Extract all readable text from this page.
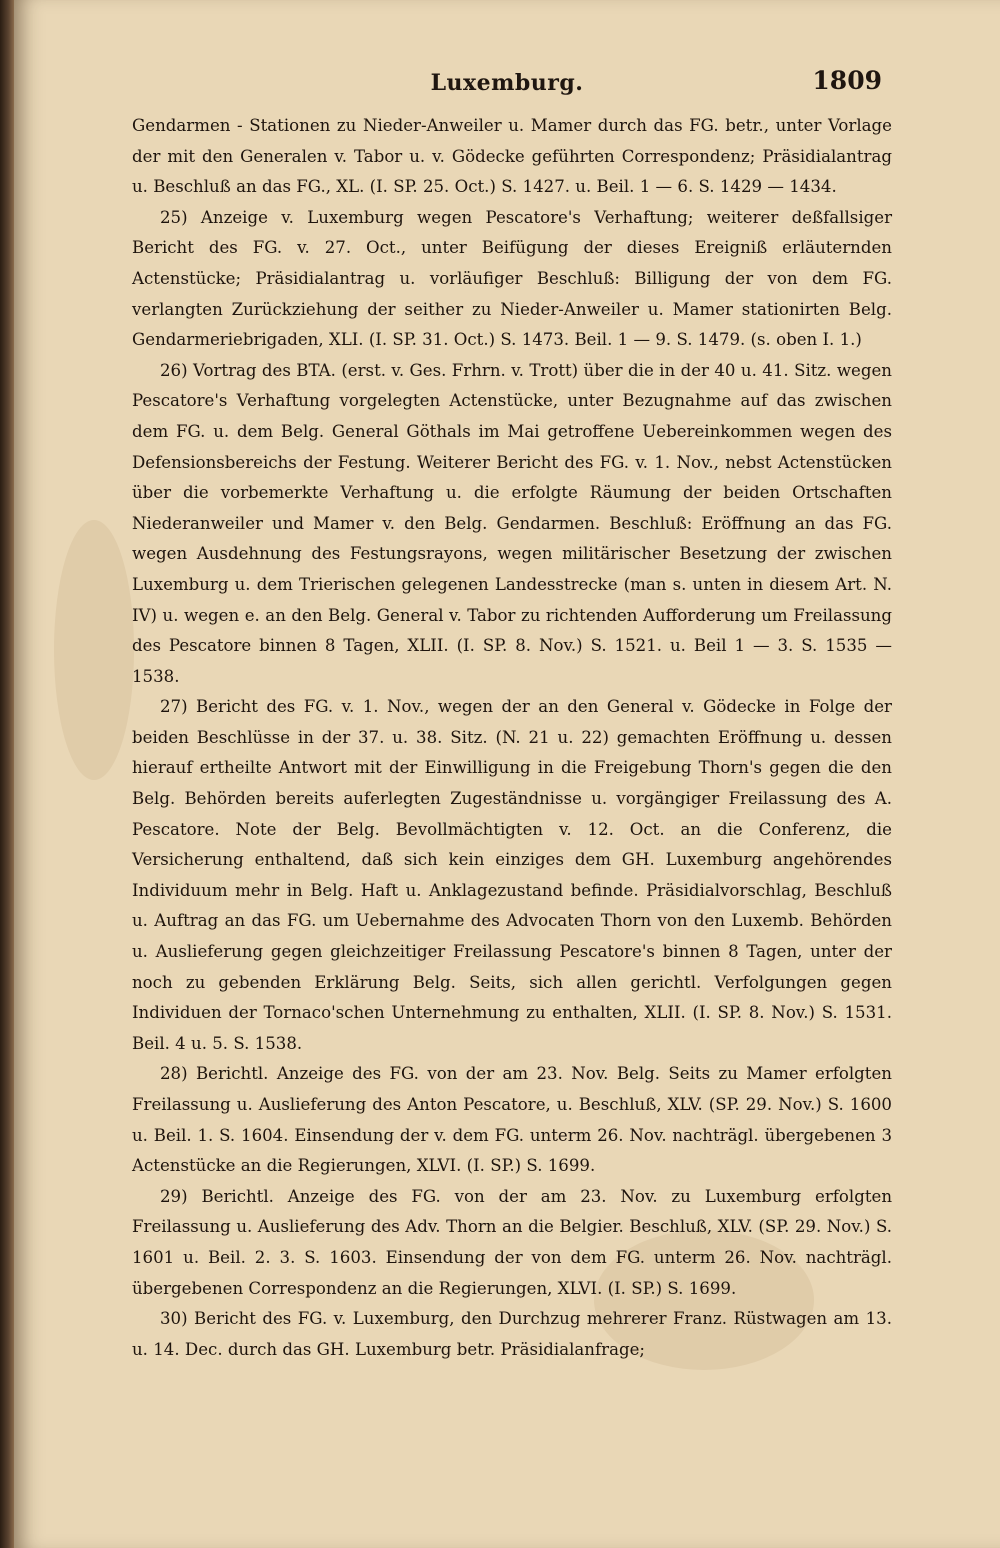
Luxemburg.	1809

Gendarmen - Stationen zu Nieder-Anweiler u. Mamer durch das FG. betr., unter Vorlage der mit den Generalen v. Tabor u. v. Gödecke geführten Correspondenz; Präsidialantrag u. Beschluß an das FG., XL. (I. SP. 25. Oct.) S. 1427. u. Beil. 1 — 6. S. 1429 — 1434.

25) Anzeige v. Luxemburg wegen Pescatore's Verhaftung; weiterer deßfallsiger Bericht des FG. v. 27. Oct., unter Beifügung der dieses Ereigniß erläuternden Actenstücke; Präsidialantrag u. vorläufiger Beschluß: Billigung der von dem FG. verlangten Zurückziehung der seither zu Nieder-Anweiler u. Mamer stationirten Belg. Gendarmeriebrigaden, XLI. (I. SP. 31. Oct.) S. 1473. Beil. 1 — 9. S. 1479. (s. oben I. 1.)

26) Vortrag des BTA. (erst. v. Ges. Frhrn. v. Trott) über die in der 40 u. 41. Sitz. wegen Pescatore's Verhaftung vorgelegten Actenstücke, unter Bezugnahme auf das zwischen dem FG. u. dem Belg. General Göthals im Mai getroffene Uebereinkommen wegen des Defensionsbereichs der Festung. Weiterer Bericht des FG. v. 1. Nov., nebst Actenstücken über die vorbemerkte Verhaftung u. die erfolgte Räumung der beiden Ortschaften Niederanweiler und Mamer v. den Belg. Gendarmen. Beschluß: Eröffnung an das FG. wegen Ausdehnung des Festungsrayons, wegen militärischer Besetzung der zwischen Luxemburg u. dem Trierischen gelegenen Landesstrecke (man s. unten in diesem Art. N. IV) u. wegen e. an den Belg. General v. Tabor zu richtenden Aufforderung um Freilassung des Pescatore binnen 8 Tagen, XLII. (I. SP. 8. Nov.) S. 1521. u. Beil 1 — 3. S. 1535 — 1538.

27) Bericht des FG. v. 1. Nov., wegen der an den General v. Gödecke in Folge der beiden Beschlüsse in der 37. u. 38. Sitz. (N. 21 u. 22) gemachten Eröffnung u. dessen hierauf ertheilte Antwort mit der Einwilligung in die Freigebung Thorn's gegen die den Belg. Behörden bereits auferlegten Zugeständnisse u. vorgängiger Freilassung des A. Pescatore. Note der Belg. Bevollmächtigten v. 12. Oct. an die Conferenz, die Versicherung enthaltend, daß sich kein einziges dem GH. Luxemburg angehörendes Individuum mehr in Belg. Haft u. Anklagezustand befinde. Präsidialvorschlag, Beschluß u. Auftrag an das FG. um Uebernahme des Advocaten Thorn von den Luxemb. Behörden u. Auslieferung gegen gleichzeitiger Freilassung Pescatore's binnen 8 Tagen, unter der noch zu gebenden Erklärung Belg. Seits, sich allen gerichtl. Verfolgungen gegen Individuen der Tornaco'schen Unternehmung zu enthalten, XLII. (I. SP. 8. Nov.) S. 1531. Beil. 4 u. 5. S. 1538.

28) Berichtl. Anzeige des FG. von der am 23. Nov. Belg. Seits zu Mamer erfolgten Freilassung u. Auslieferung des Anton Pescatore, u. Beschluß, XLV. (SP. 29. Nov.) S. 1600 u. Beil. 1. S. 1604. Einsendung der v. dem FG. unterm 26. Nov. nachträgl. übergebenen 3 Actenstücke an die Regierungen, XLVI. (I. SP.) S. 1699.

29) Berichtl. Anzeige des FG. von der am 23. Nov. zu Luxemburg erfolgten Freilassung u. Auslieferung des Adv. Thorn an die Belgier. Beschluß, XLV. (SP. 29. Nov.) S. 1601 u. Beil. 2. 3. S. 1603. Einsendung der von dem FG. unterm 26. Nov. nachträgl. übergebenen Correspondenz an die Regierungen, XLVI. (I. SP.) S. 1699.

30) Bericht des FG. v. Luxemburg, den Durchzug mehrerer Franz. Rüstwagen am 13. u. 14. Dec. durch das GH. Luxemburg betr. Präsidialanfrage;
